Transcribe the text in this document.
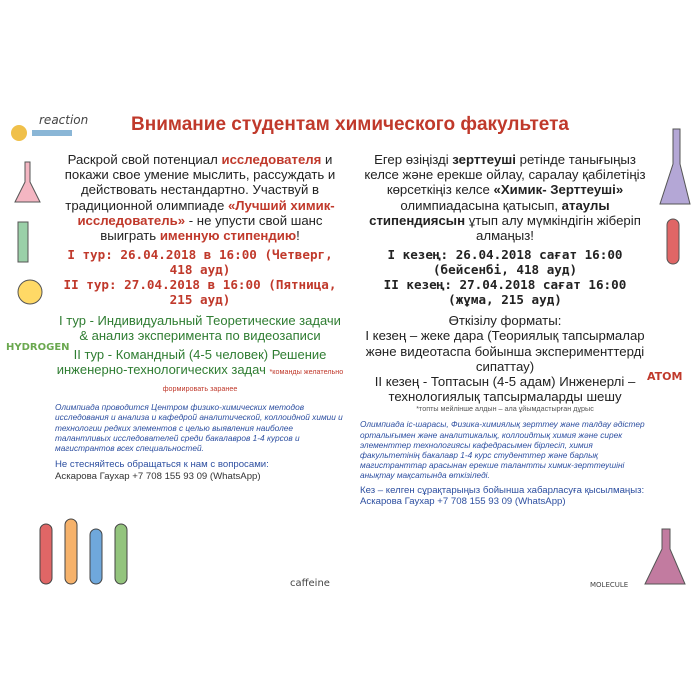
Внимание студентам химического факультета

Раскрой свой потенциал исследователя и покажи свое умение мыслить, рассуждать и действовать нестандартно. Участвуй в традиционной олимпиаде «Лучший химик-исследователь» - не упусти свой шанс выиграть именную стипендию!

I тур: 26.04.2018 в 16:00 (Четверг, 418 ауд)

II тур: 27.04.2018 в 16:00 (Пятница, 215 ауд)

I тур - Индивидуальный Теоретические задачи & анализ эксперимента по видеозаписи

II тур - Командный (4-5 человек) Решение инженерно-технологических задач *команды желательно формировать заранее

Олимпиада проводится Центром физико-химических методов исследования и анализа и кафедрой аналитической, коллоидной химии и технологии редких элементов с целью выявления наиболее талантливых исследователей среди бакалавров 1-4 курсов и магистрантов всех специальностей.

Не стесняйтесь обращаться к нам с вопросами:

Аскарова Гаухар +7 708 155 93 09 (WhatsApp)

Егер өзіңізді зерттеуші ретінде танығыңыз келсе және ерекше ойлау, саралау қабілетіңіз көрсеткіңіз келсе «Химик- Зерттеуші» олимпиадасына қатысып, атаулы стипендиясын ұтып алу мүмкіндігін жіберіп алмаңыз!

I кезең: 26.04.2018 сағат 16:00 (бейсенбі, 418 ауд)

II кезең: 27.04.2018 сағат 16:00 (жұма, 215 ауд)

Өткізілу форматы:

I кезең – жеке дара (Теориялық тапсырмалар және видеотаспа бойынша эксперименттерді сипаттау)

II кезең - Топтасын (4-5 адам) Инженерлі – технологиялық тапсырмаларды шешу

*топты мейлінше алдын – ала ұйымдастырған дұрыс

Олимпиада іс-шарасы, Физика-химиялық зерттеу және талдау әдістер орталығымен және аналитикалық, коллоидтық химия және сирек элементтер технологиясы кафедрасымен бірлесіп, химия факультетінің бакалавр 1-4 курс студенттер және барлық магистранттар арасынан ерекше талантты химик-зерттеушіні анықтау мақсатында өткізіледі.

Кез – келген сұрақтарыңыз бойынша хабарласуға қысылмаңыз:

Аскарова Гаухар +7 708 155 93 09 (WhatsApp)

reaction
HYDROGEN
ATOM
caffeine	MOLECULE
